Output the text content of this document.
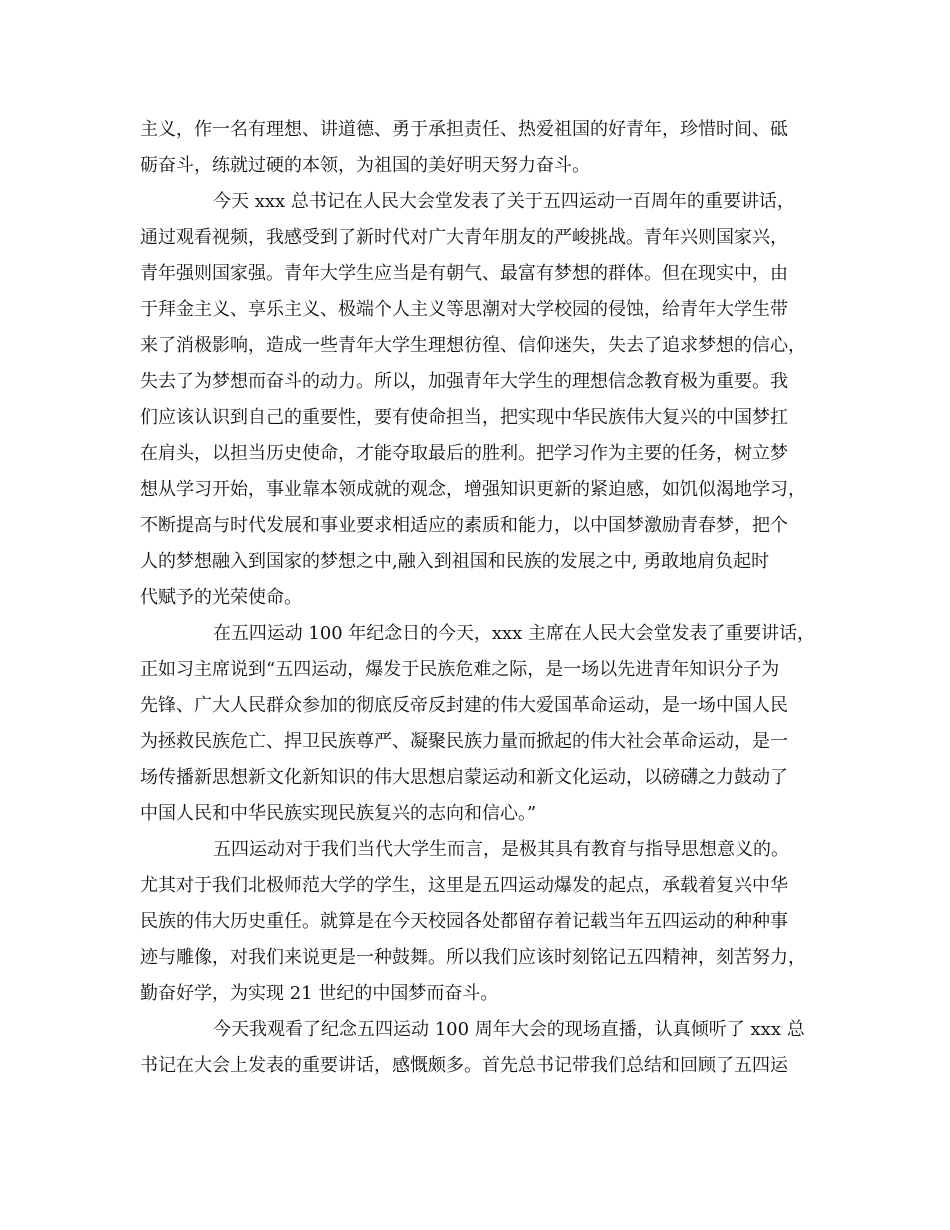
主义，作一名有理想、讲道德、勇于承担责任、热爱祖国的好青年，珍惜时间、砥
砺奋斗，练就过硬的本领，为祖国的美好明天努力奋斗。
今天 xxx 总书记在人民大会堂发表了关于五四运动一百周年的重要讲话，
通过观看视频，我感受到了新时代对广大青年朋友的严峻挑战。青年兴则国家兴，
青年强则国家强。青年大学生应当是有朝气、最富有梦想的群体。但在现实中，由
于拜金主义、享乐主义、极端个人主义等思潮对大学校园的侵蚀，给青年大学生带
来了消极影响，造成一些青年大学生理想彷徨、信仰迷失，失去了追求梦想的信心，
失去了为梦想而奋斗的动力。所以，加强青年大学生的理想信念教育极为重要。我
们应该认识到自己的重要性，要有使命担当，把实现中华民族伟大复兴的中国梦扛
在肩头，以担当历史使命，才能夺取最后的胜利。把学习作为主要的任务，树立梦
想从学习开始，事业靠本领成就的观念，增强知识更新的紧迫感，如饥似渴地学习，
不断提高与时代发展和事业要求相适应的素质和能力，以中国梦激励青春梦，把个
人的梦想融入到国家的梦想之中,融入到祖国和民族的发展之中, 勇敢地肩负起时
代赋予的光荣使命。
在五四运动 100 年纪念日的今天，xxx 主席在人民大会堂发表了重要讲话，
正如习主席说到“五四运动，爆发于民族危难之际，是一场以先进青年知识分子为
先锋、广大人民群众参加的彻底反帝反封建的伟大爱国革命运动，是一场中国人民
为拯救民族危亡、捍卫民族尊严、凝聚民族力量而掀起的伟大社会革命运动，是一
场传播新思想新文化新知识的伟大思想启蒙运动和新文化运动，以磅礴之力鼓动了
中国人民和中华民族实现民族复兴的志向和信心。”
五四运动对于我们当代大学生而言，是极其具有教育与指导思想意义的。
尤其对于我们北极师范大学的学生，这里是五四运动爆发的起点，承载着复兴中华
民族的伟大历史重任。就算是在今天校园各处都留存着记载当年五四运动的种种事
迹与雕像，对我们来说更是一种鼓舞。所以我们应该时刻铭记五四精神，刻苦努力，
勤奋好学，为实现 21 世纪的中国梦而奋斗。
今天我观看了纪念五四运动 100 周年大会的现场直播，认真倾听了 xxx 总
书记在大会上发表的重要讲话，感慨颇多。首先总书记带我们总结和回顾了五四运
